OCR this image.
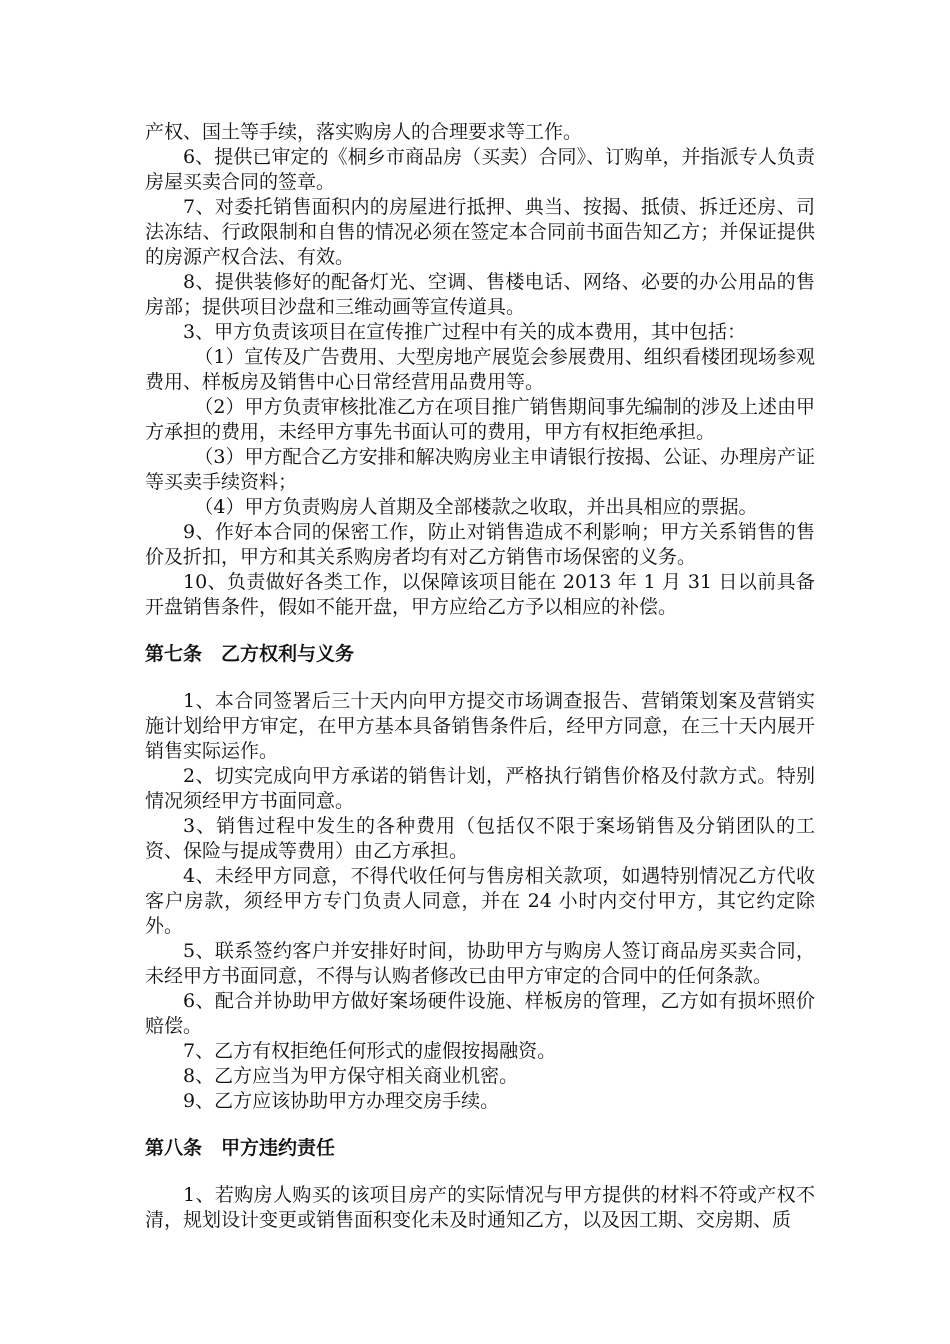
产权、国土等手续，落实购房人的合理要求等工作。

6、提供已审定的《桐乡市商品房（买卖）合同》、订购单，并指派专人负责房屋买卖合同的签章。

7、对委托销售面积内的房屋进行抵押、典当、按揭、抵债、拆迁还房、司法冻结、行政限制和自售的情况必须在签定本合同前书面告知乙方；并保证提供的房源产权合法、有效。

8、提供装修好的配备灯光、空调、售楼电话、网络、必要的办公用品的售房部；提供项目沙盘和三维动画等宣传道具。

3、甲方负责该项目在宣传推广过程中有关的成本费用，其中包括：

（1）宣传及广告费用、大型房地产展览会参展费用、组织看楼团现场参观费用、样板房及销售中心日常经营用品费用等。

（2）甲方负责审核批准乙方在项目推广销售期间事先编制的涉及上述由甲方承担的费用，未经甲方事先书面认可的费用，甲方有权拒绝承担。

（3）甲方配合乙方安排和解决购房业主申请银行按揭、公证、办理房产证等买卖手续资料；

（4）甲方负责购房人首期及全部楼款之收取，并出具相应的票据。

9、作好本合同的保密工作，防止对销售造成不利影响；甲方关系销售的售价及折扣，甲方和其关系购房者均有对乙方销售市场保密的义务。

10、负责做好各类工作，以保障该项目能在 2013 年 1 月 31 日以前具备开盘销售条件，假如不能开盘，甲方应给乙方予以相应的补偿。

第七条　乙方权利与义务

1、本合同签署后三十天内向甲方提交市场调查报告、营销策划案及营销实施计划给甲方审定，在甲方基本具备销售条件后，经甲方同意，在三十天内展开销售实际运作。

2、切实完成向甲方承诺的销售计划，严格执行销售价格及付款方式。特别情况须经甲方书面同意。

3、销售过程中发生的各种费用（包括仅不限于案场销售及分销团队的工资、保险与提成等费用）由乙方承担。

4、未经甲方同意，不得代收任何与售房相关款项，如遇特别情况乙方代收客户房款，须经甲方专门负责人同意，并在 24 小时内交付甲方，其它约定除外。

5、联系签约客户并安排好时间，协助甲方与购房人签订商品房买卖合同，未经甲方书面同意，不得与认购者修改已由甲方审定的合同中的任何条款。

6、配合并协助甲方做好案场硬件设施、样板房的管理，乙方如有损坏照价赔偿。

7、乙方有权拒绝任何形式的虚假按揭融资。

8、乙方应当为甲方保守相关商业机密。

9、乙方应该协助甲方办理交房手续。

第八条　甲方违约责任

1、若购房人购买的该项目房产的实际情况与甲方提供的材料不符或产权不清，规划设计变更或销售面积变化未及时通知乙方，以及因工期、交房期、质
